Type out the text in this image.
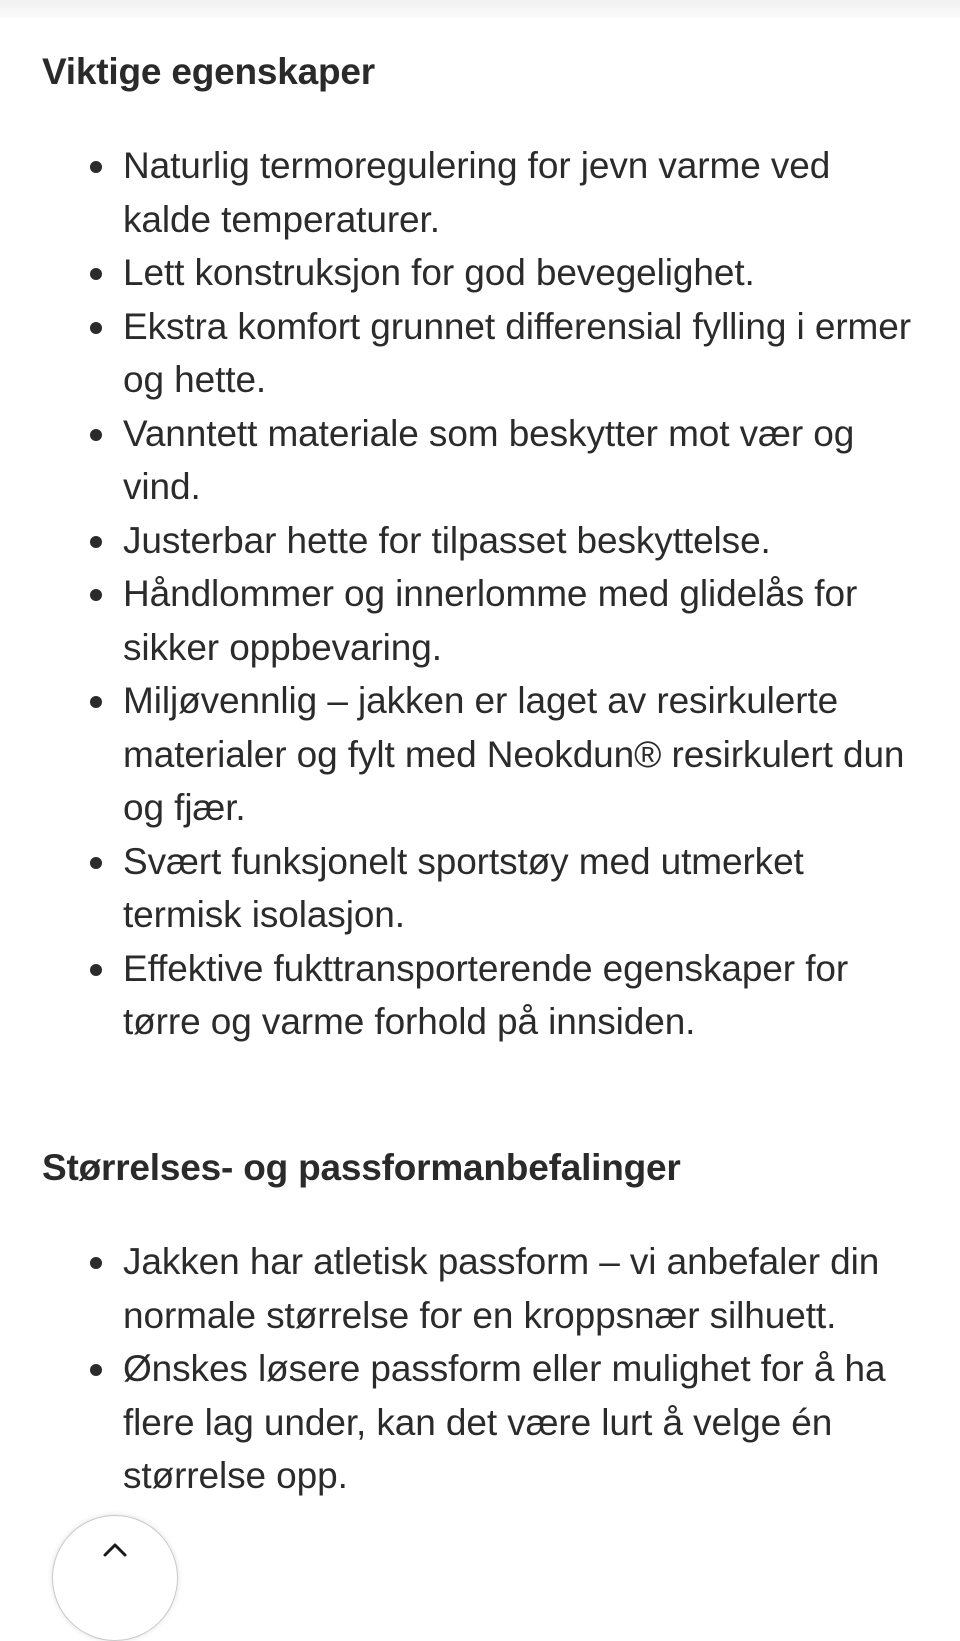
Viktige egenskaper
Naturlig termoregulering for jevn varme ved kalde temperaturer.
Lett konstruksjon for god bevegelighet.
Ekstra komfort grunnet differensial fylling i ermer og hette.
Vanntett materiale som beskytter mot vær og vind.
Justerbar hette for tilpasset beskyttelse.
Håndlommer og innerlomme med glidelås for sikker oppbevaring.
Miljøvennlig – jakken er laget av resirkulerte materialer og fylt med Neokdun® resirkulert dun og fjær.
Svært funksjonelt sportstøy med utmerket termisk isolasjon.
Effektive fukttransporterende egenskaper for tørre og varme forhold på innsiden.
Størrelses- og passformanbefalinger
Jakken har atletisk passform – vi anbefaler din normale størrelse for en kroppsnær silhuett.
Ønskes løsere passform eller mulighet for å ha flere lag under, kan det være lurt å velge én størrelse opp.
